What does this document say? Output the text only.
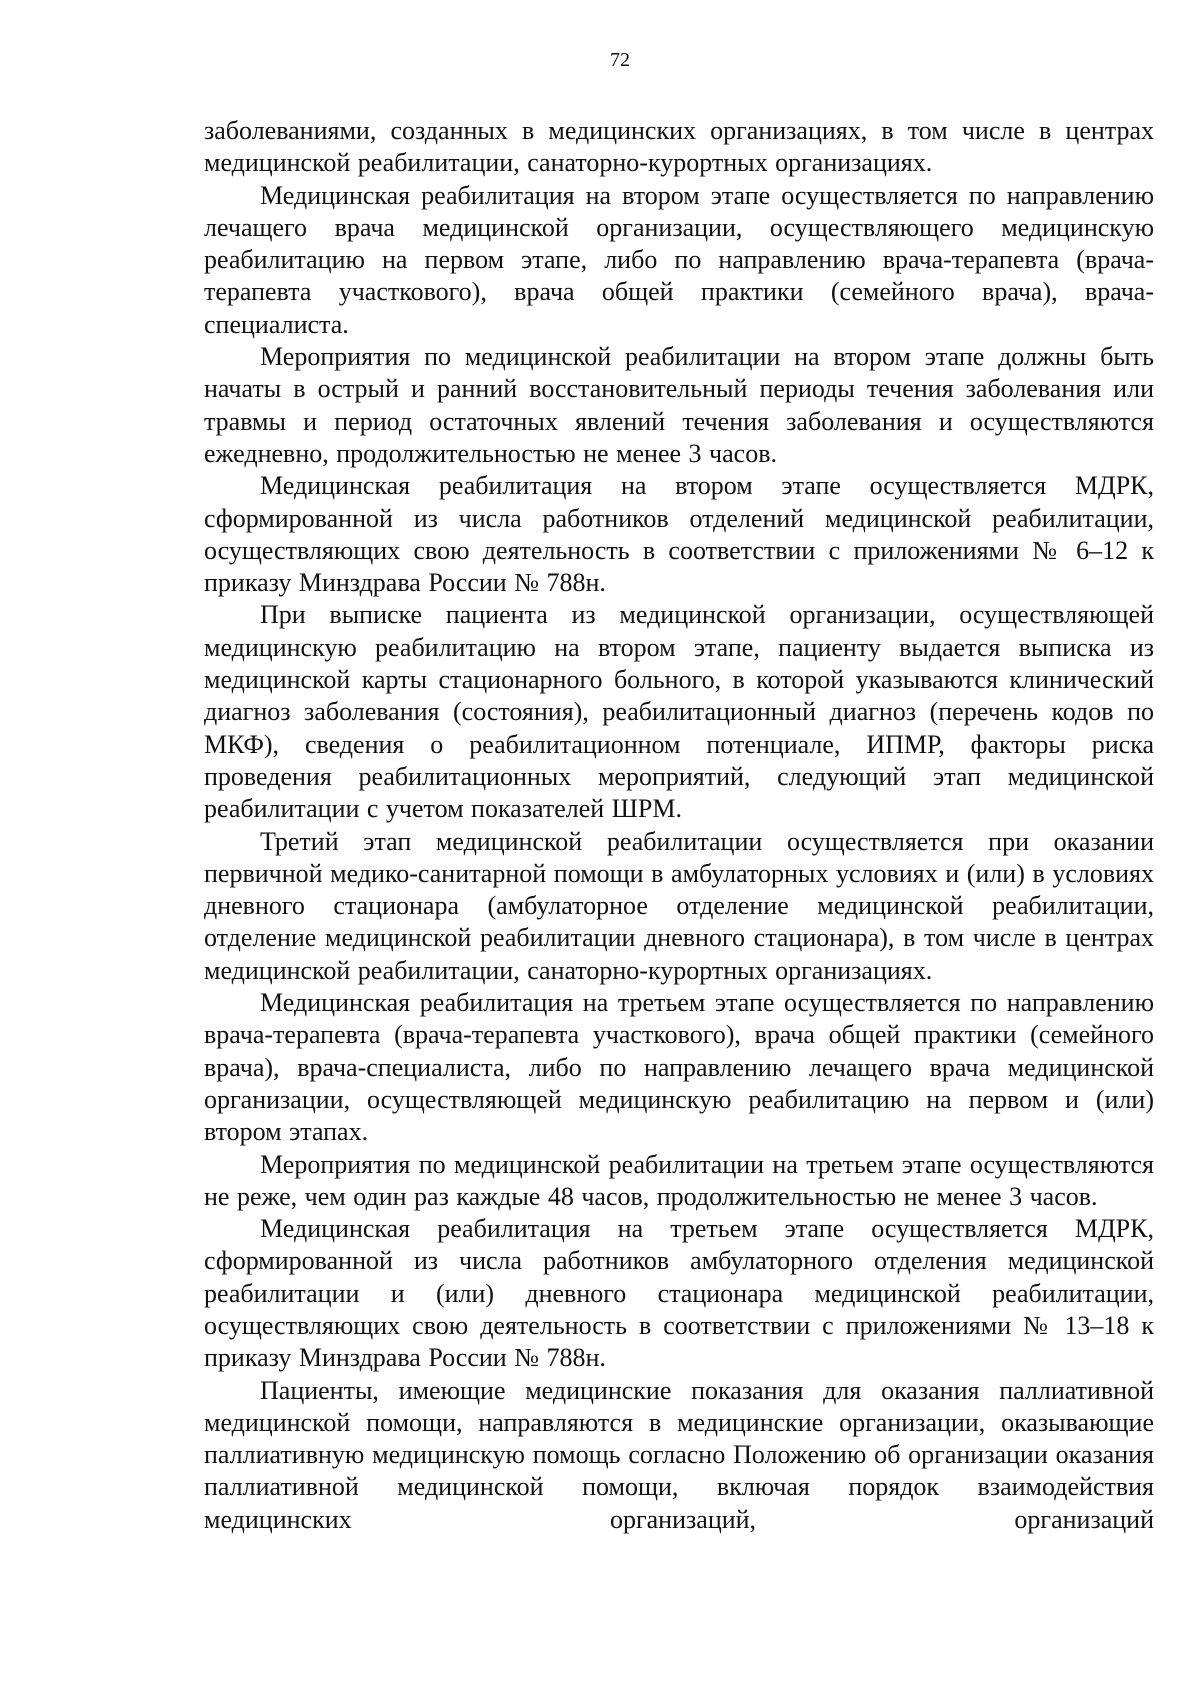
72

заболеваниями, созданных в медицинских организациях, в том числе в центрах медицинской реабилитации, санаторно-курортных организациях.

Медицинская реабилитация на втором этапе осуществляется по направлению лечащего врача медицинской организации, осуществляющего медицинскую реабилитацию на первом этапе, либо по направлению врача-терапевта (врача-терапевта участкового), врача общей практики (семейного врача), врача-специалиста.

Мероприятия по медицинской реабилитации на втором этапе должны быть начаты в острый и ранний восстановительный периоды течения заболевания или травмы и период остаточных явлений течения заболевания и осуществляются ежедневно, продолжительностью не менее 3 часов.

Медицинская реабилитация на втором этапе осуществляется МДРК, сформированной из числа работников отделений медицинской реабилитации, осуществляющих свою деятельность в соответствии с приложениями № 6–12 к приказу Минздрава России № 788н.

При выписке пациента из медицинской организации, осуществляющей медицинскую реабилитацию на втором этапе, пациенту выдается выписка из медицинской карты стационарного больного, в которой указываются клинический диагноз заболевания (состояния), реабилитационный диагноз (перечень кодов по МКФ), сведения о реабилитационном потенциале, ИПМР, факторы риска проведения реабилитационных мероприятий, следующий этап медицинской реабилитации с учетом показателей ШРМ.

Третий этап медицинской реабилитации осуществляется при оказании первичной медико-санитарной помощи в амбулаторных условиях и (или) в условиях дневного стационара (амбулаторное отделение медицинской реабилитации, отделение медицинской реабилитации дневного стационара), в том числе в центрах медицинской реабилитации, санаторно-курортных организациях.

Медицинская реабилитация на третьем этапе осуществляется по направлению врача-терапевта (врача-терапевта участкового), врача общей практики (семейного врача), врача-специалиста, либо по направлению лечащего врача медицинской организации, осуществляющей медицинскую реабилитацию на первом и (или) втором этапах.

Мероприятия по медицинской реабилитации на третьем этапе осуществляются не реже, чем один раз каждые 48 часов, продолжительностью не менее 3 часов.

Медицинская реабилитация на третьем этапе осуществляется МДРК, сформированной из числа работников амбулаторного отделения медицинской реабилитации и (или) дневного стационара медицинской реабилитации, осуществляющих свою деятельность в соответствии с приложениями № 13–18 к приказу Минздрава России № 788н.

Пациенты, имеющие медицинские показания для оказания паллиативной медицинской помощи, направляются в медицинские организации, оказывающие паллиативную медицинскую помощь согласно Положению об организации оказания паллиативной медицинской помощи, включая порядок взаимодействия медицинских организаций, организаций
